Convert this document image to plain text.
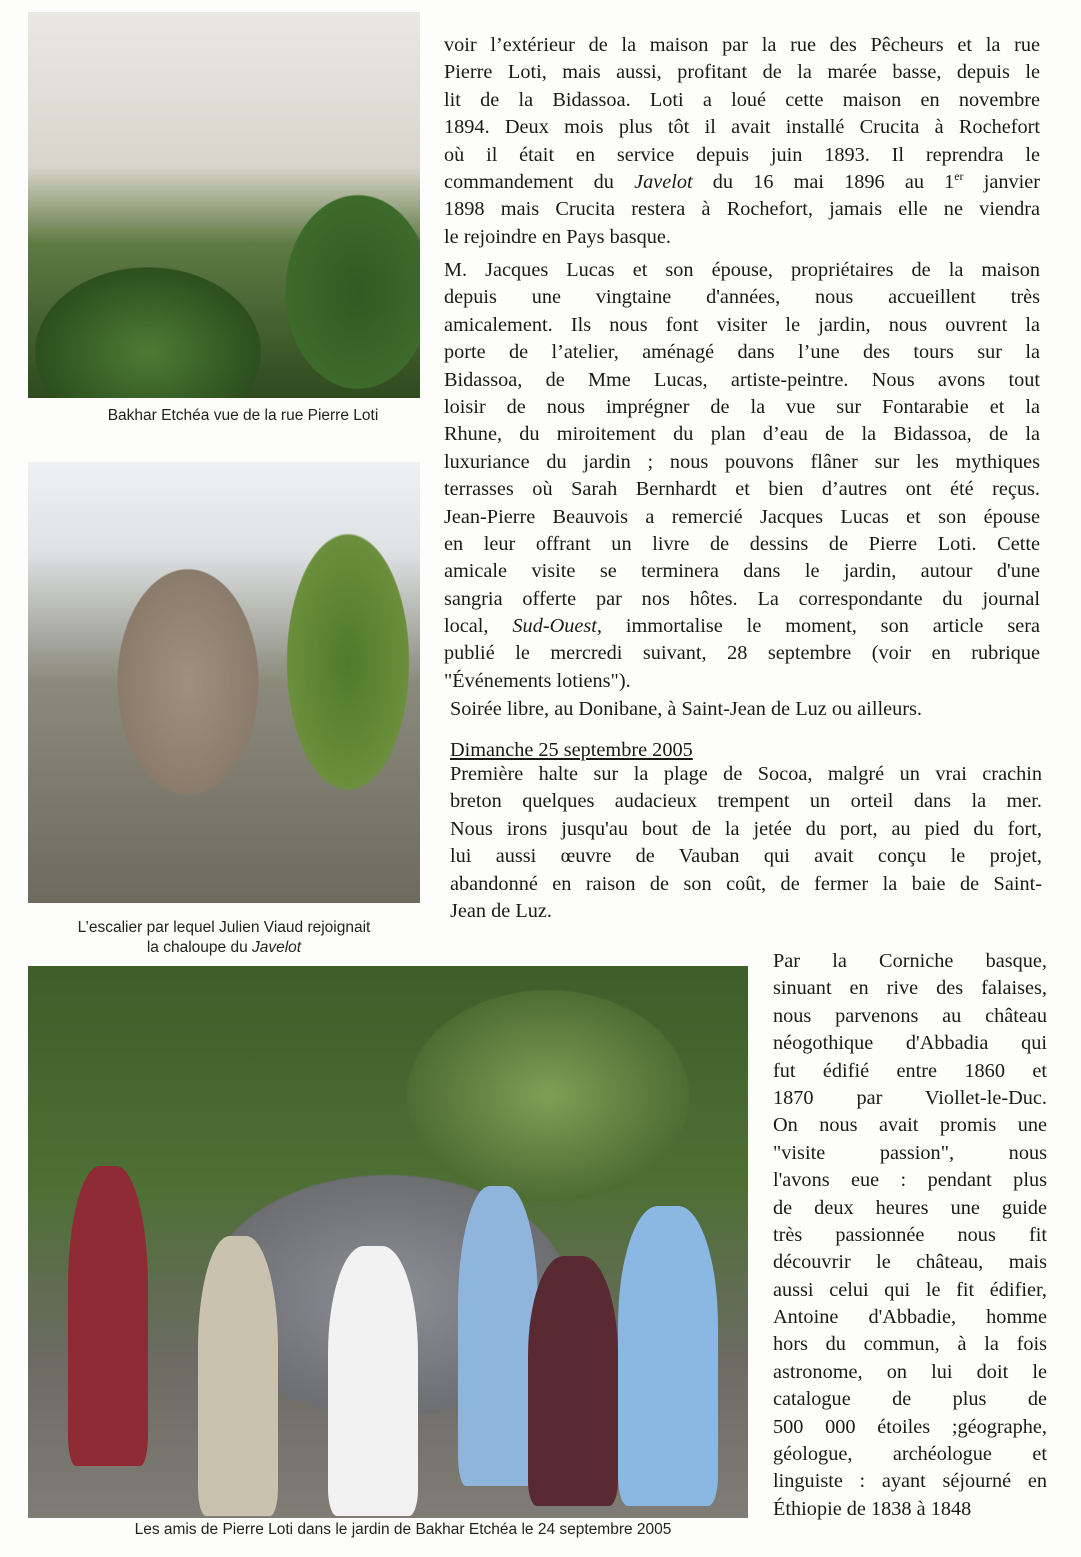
Bakhar Etchéa vue de la rue Pierre Loti
L’escalier par lequel Julien Viaud rejoignait
la chaloupe du Javelot
Les amis de Pierre Loti dans le jardin de Bakhar Etchéa le 24 septembre 2005
voir l’extérieur de la maison par la rue des Pêcheurs et la rue
Pierre Loti, mais aussi, profitant de la marée basse, depuis le
lit de la Bidassoa. Loti a loué cette maison en novembre
1894. Deux mois plus tôt il avait installé Crucita à Rochefort
où il était en service depuis juin 1893. Il reprendra le
commandement du Javelot du 16 mai 1896 au 1er janvier
1898 mais Crucita restera à Rochefort, jamais elle ne viendra
le rejoindre en Pays basque.
M. Jacques Lucas et son épouse, propriétaires de la maison
depuis une vingtaine d'années, nous accueillent très
amicalement. Ils nous font visiter le jardin, nous ouvrent la
porte de l’atelier, aménagé dans l’une des tours sur la
Bidassoa, de Mme Lucas, artiste-peintre. Nous avons tout
loisir de nous imprégner de la vue sur Fontarabie et la
Rhune, du miroitement du plan d’eau de la Bidassoa, de la
luxuriance du jardin ; nous pouvons flâner sur les mythiques
terrasses où Sarah Bernhardt et bien d’autres ont été reçus.
Jean-Pierre Beauvois a remercié Jacques Lucas et son épouse
en leur offrant un livre de dessins de Pierre Loti. Cette
amicale visite se terminera dans le jardin, autour d'une
sangria offerte par nos hôtes. La correspondante du journal
local, Sud-Ouest, immortalise le moment, son article sera
publié le mercredi suivant, 28 septembre (voir en rubrique
"Événements lotiens").
Soirée libre, au Donibane, à Saint-Jean de Luz ou ailleurs.
Dimanche 25 septembre 2005
Première halte sur la plage de Socoa, malgré un vrai crachin
breton quelques audacieux trempent un orteil dans la mer.
Nous irons jusqu'au bout de la jetée du port, au pied du fort,
lui aussi œuvre de Vauban qui avait conçu le projet,
abandonné en raison de son coût, de fermer la baie de Saint-
Jean de Luz.
Par la Corniche basque,
sinuant en rive des falaises,
nous parvenons au château
néogothique d'Abbadia qui
fut édifié entre 1860 et
1870 par Viollet-le-Duc.
On nous avait promis une
"visite passion", nous
l'avons eue : pendant plus
de deux heures une guide
très passionnée nous fit
découvrir le château, mais
aussi celui qui le fit édifier,
Antoine d'Abbadie, homme
hors du commun, à la fois
astronome, on lui doit le
catalogue de plus de
500 000 étoiles ;géographe,
géologue, archéologue et
linguiste : ayant séjourné en
Éthiopie de 1838 à 1848
